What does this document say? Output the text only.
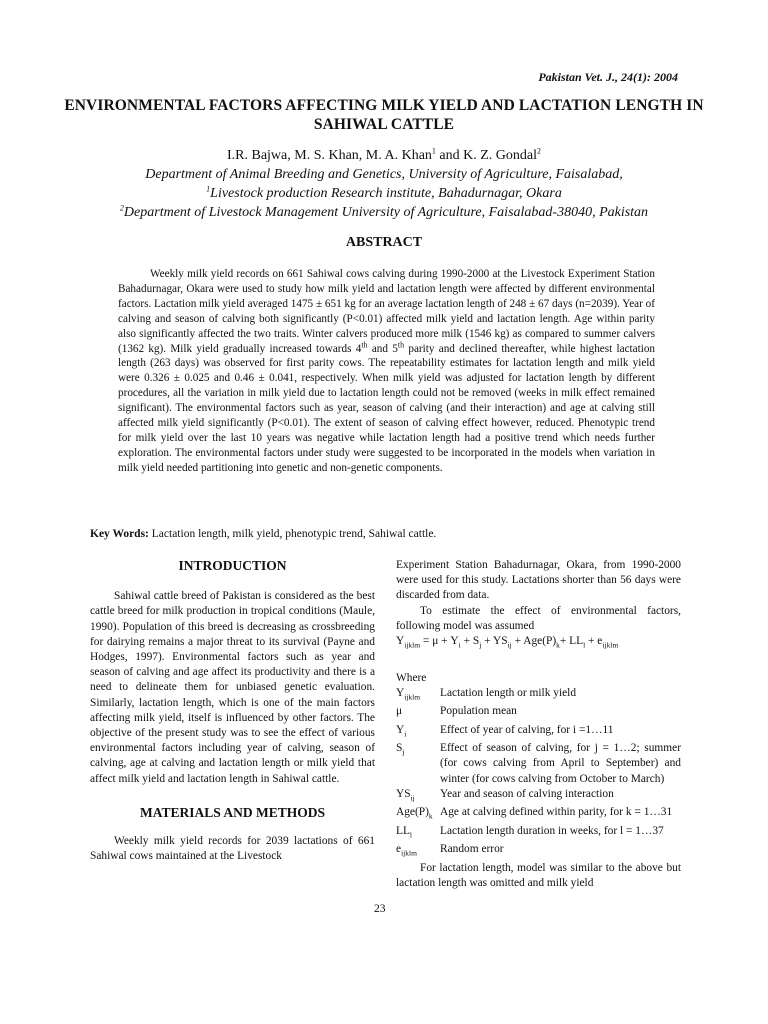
Pakistan Vet. J., 24(1): 2004
ENVIRONMENTAL FACTORS AFFECTING MILK YIELD AND LACTATION LENGTH IN SAHIWAL CATTLE
I.R. Bajwa, M. S. Khan, M. A. Khan$^1$ and K. Z. Gondal$^2$
Department of Animal Breeding and Genetics, University of Agriculture, Faisalabad,
$^1$Livestock production Research institute, Bahadurnagar, Okara
$^2$Department of Livestock Management University of Agriculture, Faisalabad-38040, Pakistan
ABSTRACT

Weekly milk yield records on 661 Sahiwal cows calving during 1990-2000 at the Livestock Experiment Station Bahadurnagar, Okara were used to study how milk yield and lactation length were affected by different environmental factors. Lactation milk yield averaged 1475 ± 651 kg for an average lactation length of 248 ± 67 days (n=2039). Year of calving and season of calving both significantly (P<0.01) affected milk yield and lactation length. Age within parity also significantly affected the two traits. Winter calvers produced more milk (1546 kg) as compared to summer calvers (1362 kg). Milk yield gradually increased towards 4th and 5th parity and declined thereafter, while highest lactation length (263 days) was observed for first parity cows. The repeatability estimates for lactation length and milk yield were 0.326 ± 0.025 and 0.46 ± 0.041, respectively. When milk yield was adjusted for lactation length by different procedures, all the variation in milk yield due to lactation length could not be removed (weeks in milk effect remained significant). The environmental factors such as year, season of calving (and their interaction) and age at calving still affected milk yield significantly (P<0.01). The extent of season of calving effect however, reduced. Phenotypic trend for milk yield over the last 10 years was negative while lactation length had a positive trend which needs further exploration. The environmental factors under study were suggested to be incorporated in the models when variation in milk yield needed partitioning into genetic and non-genetic components.

Key Words: Lactation length, milk yield, phenotypic trend, Sahiwal cattle.

INTRODUCTION

Sahiwal cattle breed of Pakistan is considered as the best cattle breed for milk production in tropical conditions (Maule, 1990). Population of this breed is decreasing as crossbreeding for dairying remains a major threat to its survival (Payne and Hodges, 1997). Environmental factors such as year and season of calving and age affect its productivity and there is a need to delineate them for unbiased genetic evaluation. Similarly, lactation length, which is one of the main factors affecting milk yield, itself is influenced by other factors. The objective of the present study was to see the effect of various environmental factors including year of calving, season of calving, age at calving and lactation length or milk yield that affect milk yield and lactation length in Sahiwal cattle.

MATERIALS AND METHODS

Weekly milk yield records for 2039 lactations of 661 Sahiwal cows maintained at the Livestock

Experiment Station Bahadurnagar, Okara, from 1990-2000 were used for this study. Lactations shorter than 56 days were discarded from data.

To estimate the effect of environmental factors, following model was assumed

$Y_{ijklm} = \mu + Y_i + S_j + YS_{ij} + Age(P)_k+ LL_l + e_{ijklm}$

Where

$Y_{ijklm}$	Lactation length or milk yield
μ	Population mean
$Y_i$	Effect of year of calving, for i =1…11
$S_j$	Effect of season of calving, for j = 1…2; summer (for cows calving from April to September) and winter (for cows calving from October to March)
$YS_{ij}$	Year and season of calving interaction
$Age(P)_k$ Age at calving defined within parity, for k = 1…31
$LL_l$	Lactation length duration in weeks, for l = 1…37
$e_{ijklm}$	Random error

For lactation length, model was similar to the above but lactation length was omitted and milk yield

23
